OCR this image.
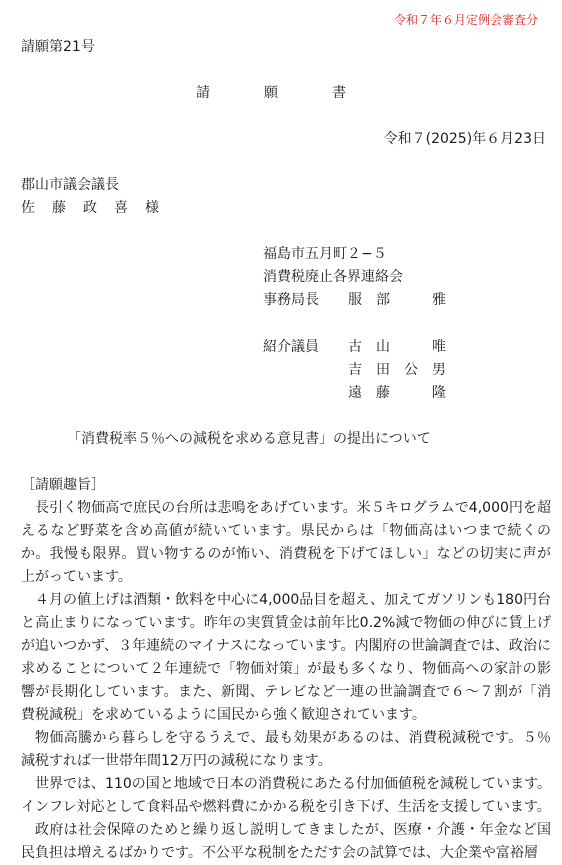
令和７年６月定例会審査分
請願第21号
請　願　書
令和７(2025)年６月23日
郡山市議会議長
佐 藤 政 喜 様
福島市五月町２−５
消費税廃止各界連絡会
事務局長	服　部　　　雅

紹介議員	古　山　　　唯
	吉　田　公　男
	遠　藤　　　隆
「消費税率５％への減税を求める意見書」の提出について
［請願趣旨］

長引く物価高で庶民の台所は悲鳴をあげています。米５キログラムで4,000円を超えるなど野菜を含め高値が続いています。県民からは「物価高はいつまで続くのか。我慢も限界。買い物するのが怖い、消費税を下げてほしい」などの切実に声が上がっています。

４月の値上げは酒類・飲料を中心に4,000品目を超え、加えてガソリンも180円台と高止まりになっています。昨年の実質賃金は前年比0.2%減で物価の伸びに賃上げが追いつかず、３年連続のマイナスになっています。内閣府の世論調査では、政治に求めることについて２年連続で「物価対策」が最も多くなり、物価高への家計の影響が長期化しています。また、新聞、テレビなど一連の世論調査で６〜７割が「消費税減税」を求めているように国民から強く歓迎されています。

物価高騰から暮らしを守るうえで、最も効果があるのは、消費税減税です。５％減税すれば一世帯年間12万円の減税になります。

世界では、110の国と地域で日本の消費税にあたる付加価値税を減税しています。インフレ対応として食料品や燃料費にかかる税を引き下げ、生活を支援しています。

政府は社会保障のためと繰り返し説明してきましたが、医療・介護・年金など国民負担は増えるばかりです。不公平な税制をただす会の試算では、大企業や富裕層
